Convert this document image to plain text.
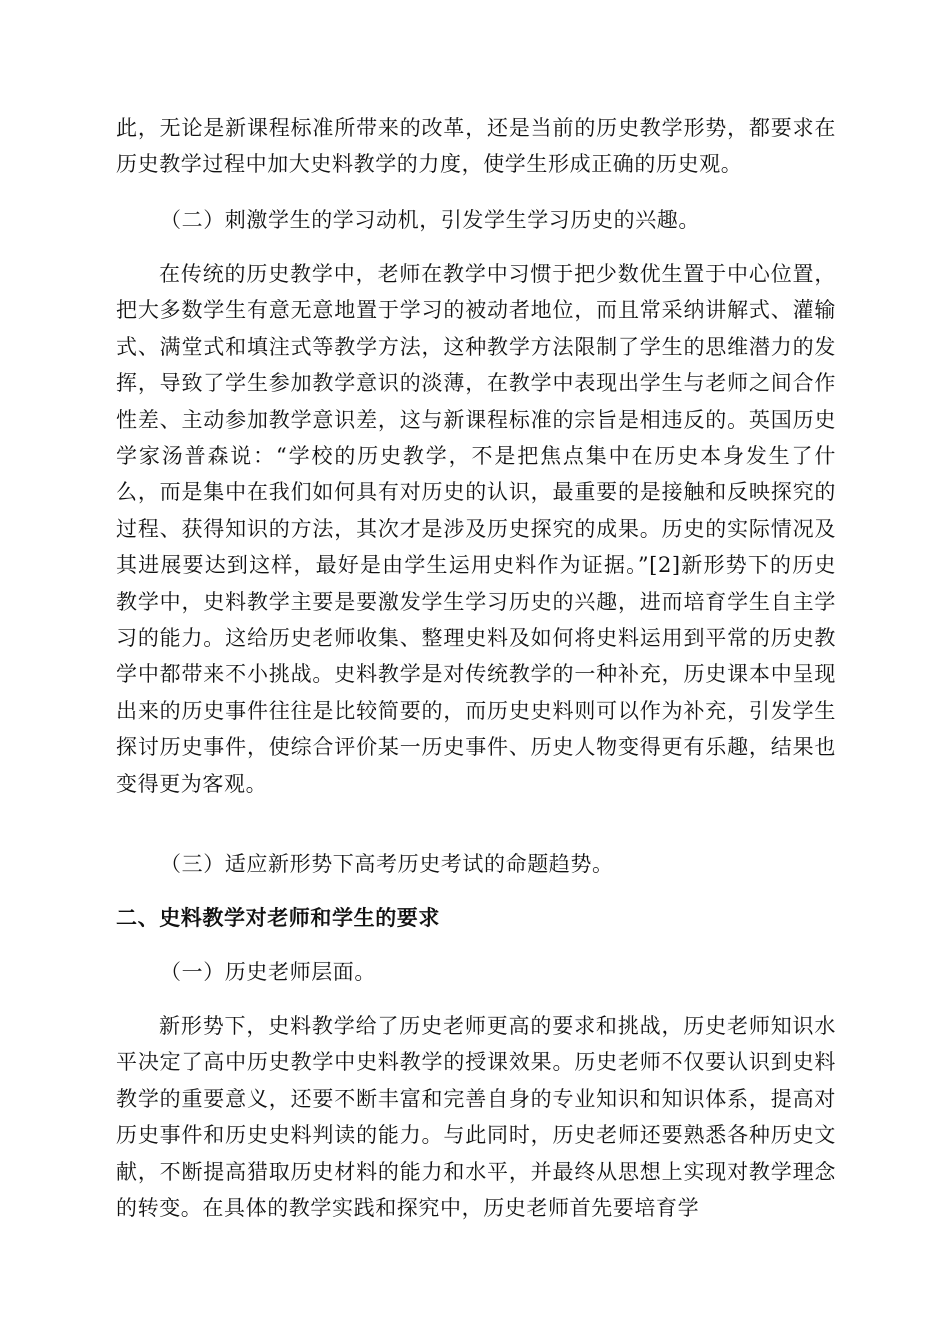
此，无论是新课程标准所带来的改革，还是当前的历史教学形势，都要求在历史教学过程中加大史料教学的力度，使学生形成正确的历史观。

（二）刺激学生的学习动机，引发学生学习历史的兴趣。

在传统的历史教学中，老师在教学中习惯于把少数优生置于中心位置，把大多数学生有意无意地置于学习的被动者地位，而且常采纳讲解式、灌输式、满堂式和填注式等教学方法，这种教学方法限制了学生的思维潜力的发挥，导致了学生参加教学意识的淡薄，在教学中表现出学生与老师之间合作性差、主动参加教学意识差，这与新课程标准的宗旨是相违反的。英国历史学家汤普森说：“学校的历史教学，不是把焦点集中在历史本身发生了什么，而是集中在我们如何具有对历史的认识，最重要的是接触和反映探究的过程、获得知识的方法，其次才是涉及历史探究的成果。历史的实际情况及其进展要达到这样，最好是由学生运用史料作为证据。”[2]新形势下的历史教学中，史料教学主要是要激发学生学习历史的兴趣，进而培育学生自主学习的能力。这给历史老师收集、整理史料及如何将史料运用到平常的历史教学中都带来不小挑战。史料教学是对传统教学的一种补充，历史课本中呈现出来的历史事件往往是比较简要的，而历史史料则可以作为补充，引发学生探讨历史事件，使综合评价某一历史事件、历史人物变得更有乐趣，结果也变得更为客观。

（三）适应新形势下高考历史考试的命题趋势。

二、史料教学对老师和学生的要求

（一）历史老师层面。

新形势下，史料教学给了历史老师更高的要求和挑战，历史老师知识水平决定了高中历史教学中史料教学的授课效果。历史老师不仅要认识到史料教学的重要意义，还要不断丰富和完善自身的专业知识和知识体系，提高对历史事件和历史史料判读的能力。与此同时，历史老师还要熟悉各种历史文献，不断提高猎取历史材料的能力和水平，并最终从思想上实现对教学理念的转变。在具体的教学实践和探究中，历史老师首先要培育学
